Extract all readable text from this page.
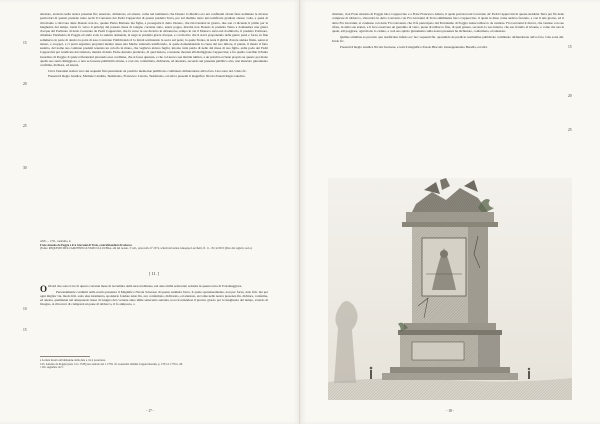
attestato, sicurato nella nostra presente fin; annotato, dichiarato, ed attesta, come nel tenimento che Donato la Medica era nei confinanti alcuni fiere nominate le diverse particolari di quanto predetto tenta reciti il Convento dei Padri Cappuccini di questa predetta Terra, per sul mattino tanto una testificata gradiata obesso volta, e quasi di ritroviamo a ritrovare dette Donato non ito, quante Pietra Mattone ma figlia, a proseguire il detto Donato, che ritrovandosi in giorno, due son ci dicendo il primo per la lunghezza del tempo, bensì fo verso li principj del passato mese di Giugno corrente anno, senza poppa, marchè non Donato la predetta Terna a domandare una giarra d'acqua dal Portinaro di detto Convento de Padri Cappuccini, che fa verso le ore diciotto in diciannove, tempo in cui il Monaco stava nel dormitorio, il predetto Portinaro, chiamato Parimento di Poggia ed andò sotto la sudetta domanda, la negò la predetta giarra d'acqua, e col motivo che li stava proponendo delle giarre parsi e forza, in fine sommerso in parte di dentro la porta di esso Convento Pubblicando il la fattoli sottintendo la sacra sul petto; la quale Trenta, in testa il ghilda d'avere andare finita, senni et tenuto, e scoppol, e ci potrà seguitare proprietà mentre tenea una Madre venirsela testificando, la quale domandandola la causa del suo timore, il piante, il mestò il fatto sudetto, del nome sua continua predetti tenenza un colorfo in mano, che veglieva alcuno fuglio; intorno tutta patria di nello del mese di sua figlia, ardia poda dei Padri Cappuccini per vendicare del attestato, mentre di detto Padre Antonio predicato, di quel denaro, e nessuno monnai alla Religgione Cappuccina; e fra quelle concilile il Padre Guardino di Poggia; il quale si finanzieri placando essa cordilana, che si fosse quietata, e che col nuovo sua mobile nimica, e un priorità ecclesie proprio su questo per mano quello suo santo Religgioso, e non se fossone pubblicità alcuna, e così ave confermata, dichiarata, ed attestata, secondo sul presente pubblico atto, non mancato giuramento confirma, dichiara, ed attesta.

Circa Testatissi station vero dei sequenti fini quorumedo de predicto memoriae pubblicato combinato dichiaratione attiva fato. Una sorte del. Undo ftc.

Presenti il Regio Giudice, Michele Candida, Testimonio, Francesco Liverio, Testimonio, ed altri e presenti il magnifico Nicola Panetti Regio Giudice.

15
20
25
30
ASN — 1751, contrattio, d.
Frate Antonio da Poggia e Fra Giovanni di Troia, contrabbandieri di tabacco.
(Fonte: REQUISITI DELL'ARCHIVIO di STATO in LUCERA, atti del notaio, 3 voll., protocollo n° 2574, schedi del notaio Giuseppe Lucchetti, ff. 1r – 8v, in 0015 (libro dei registri, recto).
[ 11. ]

OOGGI che sono li tre di questo corrente mese di novembre della terza indizione, nel anno mille settecento settanta in questa terra di Troiamaggiore.

Personalmente costituiti nella nostra presenza il Magnifico Nicola Saverese di questa suddetta Terra, il quale spontaneamente, non per forza, dolo frm. ma per ogni miglior via, modo frm. sotto eius iuramento, sponderio fondate tanto fin. ave confermato, dichiarato, ed attestato, siccome nella nostra presenza fin. dichiara, conferma, ed attesta, qualmente nel antepassato mese di Giugno del corrente anno mille settecento settanta, non ricordandosi il preciso giorno per la lunghezza del tempo, avendo di bisogno, si ritrovava di comprarsi un pane di tabbacco, il fo antiposto, a

10
15
a Lottura incerta all'emissione della data a ciò è posteriore.
b Fr. Antonio da Poggia (nato 14 x 1728) para entrato nel l. 1756: cfr. Generalis Ordinis Cappuccinorum, p. 178; id. 1776 n. 28.
c Ob. segnalato da 5.
- 17 -

ribattuto, cioè Frate Antonio di Poggia laico Cappuccino e a Frate Francesco Amato, il quale portatosi nel Convento de' Padri Cappuccini di questa suddetta Terra per fin dette comprare di tabbacco, s'incontrò in detto Convento con Fra Giovanni di Troia similmente laico Cappuccino, il quale le disse come andava facendo, e con il tale giorno, ed il detto Fra Giovanni, si condusse con detto Fra Giovanni, che li fu partecipato dal Portanumo di Poggia venne tabbacco da vendere. Fra Giovanni li diceva, che venisse con suo rifare, in sulla sua stanza, e li fece osservare un guardino di vetro, piena di tabbacco fine, di qual genere, secondo lo suo intento, che suo fratello al levante, e come che sua la quale, adi poggiare, ogni modo lo ceduto, e così suo spirito giuramento sulla nostra presenza ha dichiarato, confermato, ed attestato.

Quibus omnibus es precetto quo testificatur inferis ecc hoc sequenti fin. quorumdo de predicto teatitudine pubblicato combinato dichiaratione attiva fato. Una sorte del. Undo ftc.

Presenti il Regio Giudice Nicola Saverese, e testi il magnifico Pasolo Biscotti, Giuseppantonio Bucella, ed altri.	15
20
25
- 18 -
